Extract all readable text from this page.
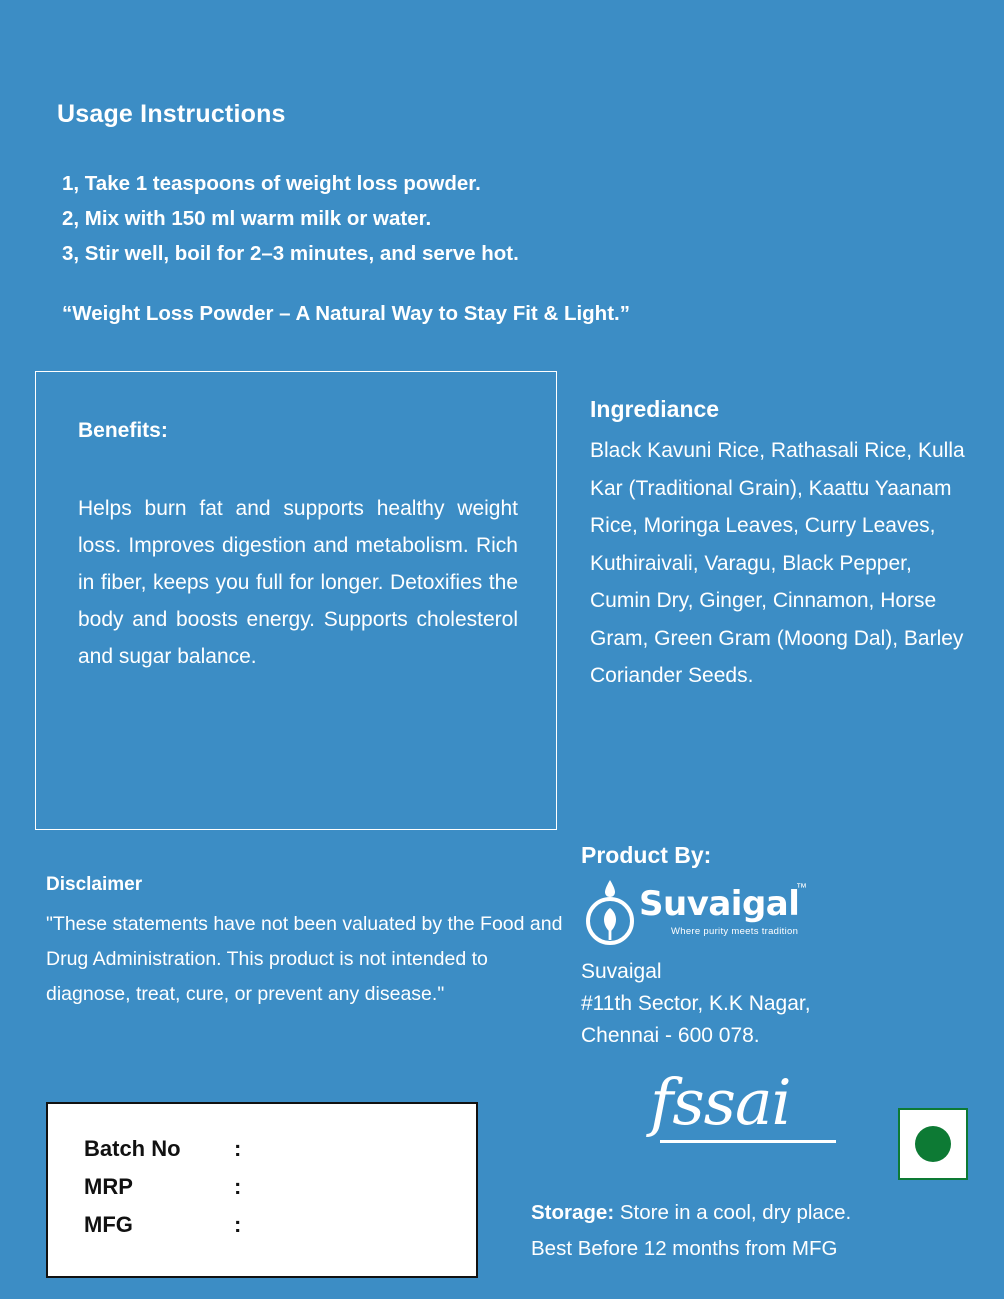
Usage Instructions
1, Take 1 teaspoons of weight loss powder.
2, Mix with 150 ml warm milk or water.
3, Stir well, boil for 2–3 minutes, and serve hot.
“Weight Loss Powder – A Natural Way to Stay Fit & Light.”
Benefits:
Helps burn fat and supports healthy weight loss. Improves digestion and metabolism. Rich in fiber, keeps you full for longer. Detoxifies the body and boosts energy. Supports cholesterol and sugar balance.
Ingrediance
Black Kavuni Rice, Rathasali Rice, Kulla Kar (Traditional Grain), Kaattu Yaanam Rice, Moringa Leaves, Curry Leaves, Kuthiraivali, Varagu, Black Pepper, Cumin Dry, Ginger, Cinnamon, Horse Gram, Green Gram (Moong Dal), Barley Coriander Seeds.
Disclaimer
"These statements have not been valuated by the Food and Drug Administration. This product is not intended to diagnose, treat, cure, or prevent any disease."
Batch No	:
MRP	:
MFG	:
Product By:
Suvaigal
™
Where purity meets tradition
Suvaigal
#11th Sector, K.K Nagar,
Chennai - 600 078.
fssai
Storage: Store in a cool, dry place.
Best Before 12 months from MFG
